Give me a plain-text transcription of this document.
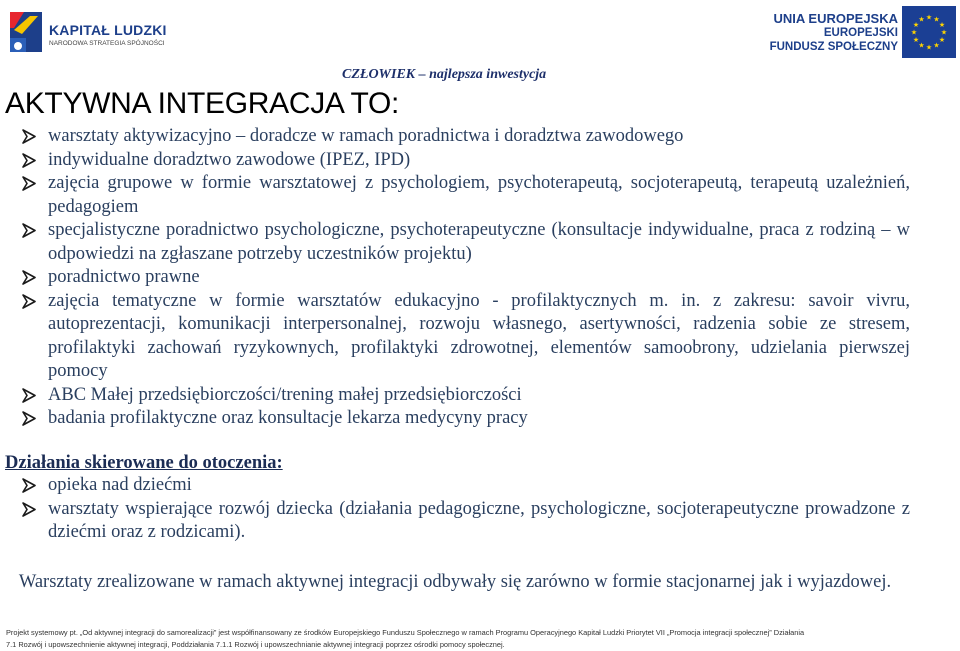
KAPITAŁ LUDZKI
NARODOWA STRATEGIA SPÓJNOŚCI
UNIA EUROPEJSKA
EUROPEJSKI
FUNDUSZ SPOŁECZNY
★ ★
★
★
★
★
★
★
★
★
★
★
CZŁOWIEK – najlepsza inwestycja
AKTYWNA INTEGRACJA TO:
warsztaty aktywizacyjno – doradcze w ramach poradnictwa i doradztwa zawodowego
indywidualne doradztwo zawodowe (IPEZ, IPD)
zajęcia grupowe w formie warsztatowej z psychologiem, psychoterapeutą, socjoterapeutą, terapeutą uzależnień, pedagogiem
specjalistyczne poradnictwo psychologiczne, psychoterapeutyczne (konsultacje indywidualne, praca z rodziną – w odpowiedzi na zgłaszane potrzeby uczestników projektu)
poradnictwo prawne
zajęcia tematyczne w formie warsztatów edukacyjno - profilaktycznych m. in. z zakresu: savoir vivru, autoprezentacji, komunikacji interpersonalnej, rozwoju własnego, asertywności, radzenia sobie ze stresem, profilaktyki zachowań ryzykownych, profilaktyki zdrowotnej, elementów samoobrony, udzielania pierwszej pomocy
ABC Małej przedsiębiorczości/trening małej przedsiębiorczości
badania profilaktyczne oraz konsultacje lekarza medycyny pracy
Działania skierowane do otoczenia:
opieka nad dziećmi
warsztaty wspierające rozwój dziecka (działania pedagogiczne, psychologiczne, socjoterapeutyczne prowadzone z dziećmi oraz z rodzicami).
Warsztaty zrealizowane w ramach aktywnej integracji odbywały się zarówno w formie stacjonarnej jak i wyjazdowej.
Projekt systemowy pt. „Od aktywnej integracji do samorealizacji” jest współfinansowany ze środków Europejskiego Funduszu Społecznego w ramach Programu Operacyjnego Kapitał Ludzki Priorytet VII „Promocja integracji społecznej” Działania
7.1 Rozwój i upowszechnienie aktywnej integracji, Poddziałania 7.1.1 Rozwój i upowszechnianie aktywnej integracji poprzez ośrodki pomocy społecznej.
